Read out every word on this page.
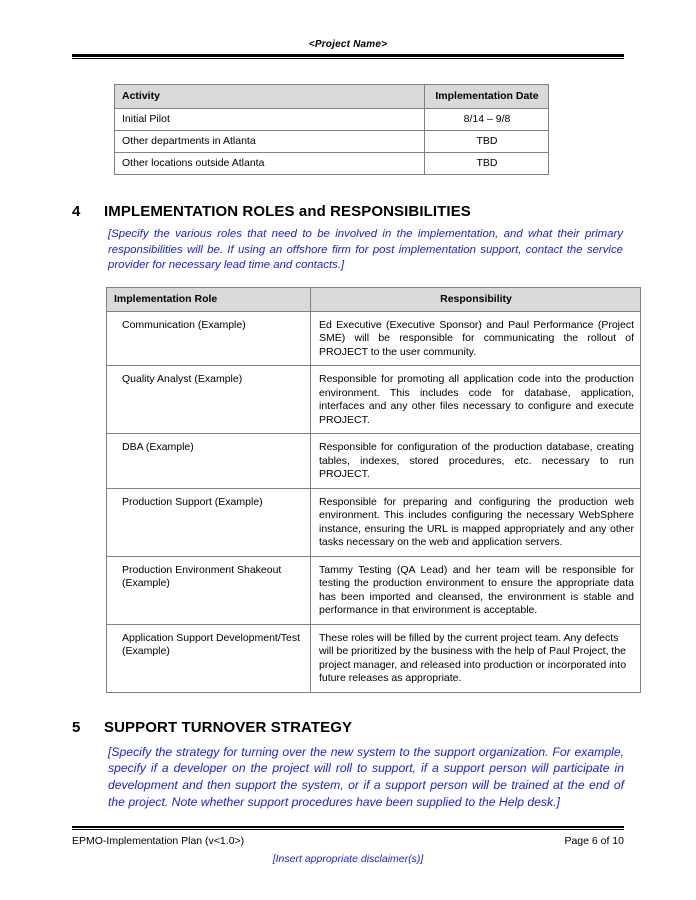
<Project Name>
Activity	Implementation Date
Initial Pilot	8/14 – 9/8
Other departments in Atlanta	TBD
Other locations outside Atlanta	TBD
4	IMPLEMENTATION ROLES and RESPONSIBILITIES
[Specify the various roles that need to be involved in the implementation, and what their primary responsibilities will be. If using an offshore firm for post implementation support, contact the service provider for necessary lead time and contacts.]
Implementation Role	Responsibility
Communication (Example)	Ed Executive (Executive Sponsor) and Paul Performance (Project SME) will be responsible for communicating the rollout of PROJECT to the user community.
Quality Analyst (Example)	Responsible for promoting all application code into the production environment. This includes code for database, application, interfaces and any other files necessary to configure and execute PROJECT.
DBA (Example)	Responsible for configuration of the production database, creating tables, indexes, stored procedures, etc. necessary to run PROJECT.
Production Support (Example)	Responsible for preparing and configuring the production web environment. This includes configuring the necessary WebSphere instance, ensuring the URL is mapped appropriately and any other tasks necessary on the web and application servers.
Production Environment Shakeout (Example)	Tammy Testing (QA Lead) and her team will be responsible for testing the production environment to ensure the appropriate data has been imported and cleansed, the environment is stable and performance in that environment is acceptable.
Application Support Development/Test (Example)	These roles will be filled by the current project team. Any defects will be prioritized by the business with the help of Paul Project, the project manager, and released into production or incorporated into future releases as appropriate.
5	SUPPORT TURNOVER STRATEGY
[Specify the strategy for turning over the new system to the support organization. For example, specify if a developer on the project will roll to support, if a support person will participate in development and then support the system, or if a support person will be trained at the end of the project. Note whether support procedures have been supplied to the Help desk.]
EPMO-Implementation Plan (v<1.0>)	Page 6 of 10
[Insert appropriate disclaimer(s)]
